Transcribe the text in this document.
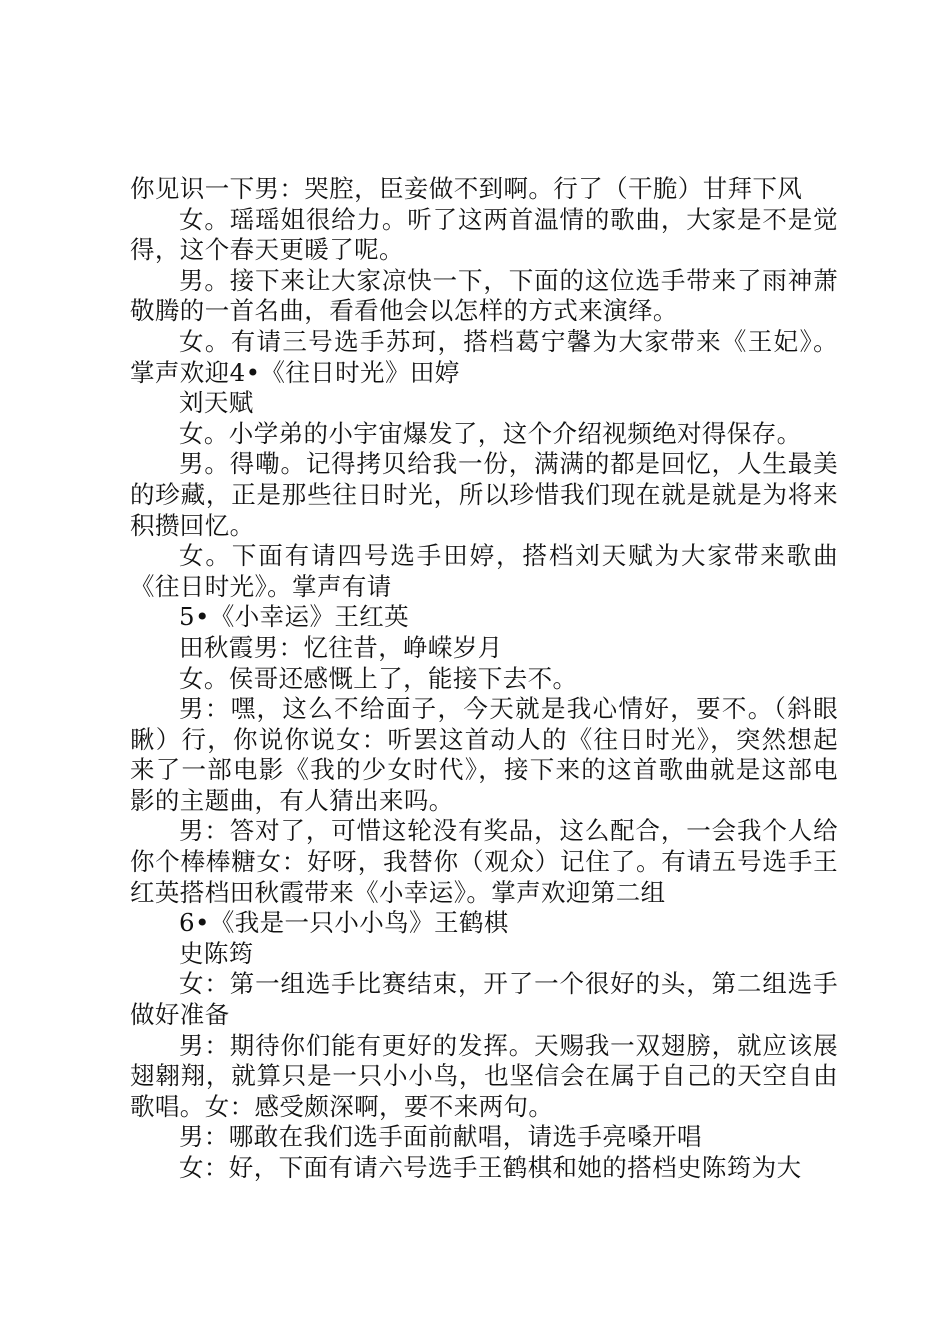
你见识一下男：哭腔，臣妾做不到啊。行了（干脆）甘拜下风

女。瑶瑶姐很给力。听了这两首温情的歌曲，大家是不是觉得，这个春天更暖了呢。

男。接下来让大家凉快一下，下面的这位选手带来了雨神萧敬腾的一首名曲，看看他会以怎样的方式来演绎。

女。有请三号选手苏珂，搭档葛宁馨为大家带来《王妃》。掌声欢迎4•《往日时光》田婷

刘天赋

女。小学弟的小宇宙爆发了，这个介绍视频绝对得保存。

男。得嘞。记得拷贝给我一份，满满的都是回忆，人生最美的珍藏，正是那些往日时光，所以珍惜我们现在就是就是为将来积攒回忆。

女。下面有请四号选手田婷，搭档刘天赋为大家带来歌曲《往日时光》。掌声有请

5•《小幸运》王红英

田秋霞男：忆往昔，峥嵘岁月

女。侯哥还感慨上了，能接下去不。

男：嘿，这么不给面子，今天就是我心情好，要不。（斜眼瞅）行，你说你说女：听罢这首动人的《往日时光》，突然想起来了一部电影《我的少女时代》，接下来的这首歌曲就是这部电影的主题曲，有人猜出来吗。

男：答对了，可惜这轮没有奖品，这么配合，一会我个人给你个棒棒糖女：好呀，我替你（观众）记住了。有请五号选手王红英搭档田秋霞带来《小幸运》。掌声欢迎第二组

6•《我是一只小小鸟》王鹤棋

史陈筠

女：第一组选手比赛结束，开了一个很好的头，第二组选手做好准备

男：期待你们能有更好的发挥。天赐我一双翅膀，就应该展翅翱翔，就算只是一只小小鸟，也坚信会在属于自己的天空自由歌唱。女：感受颇深啊，要不来两句。

男：哪敢在我们选手面前献唱，请选手亮嗓开唱

女：好，下面有请六号选手王鹤棋和她的搭档史陈筠为大
